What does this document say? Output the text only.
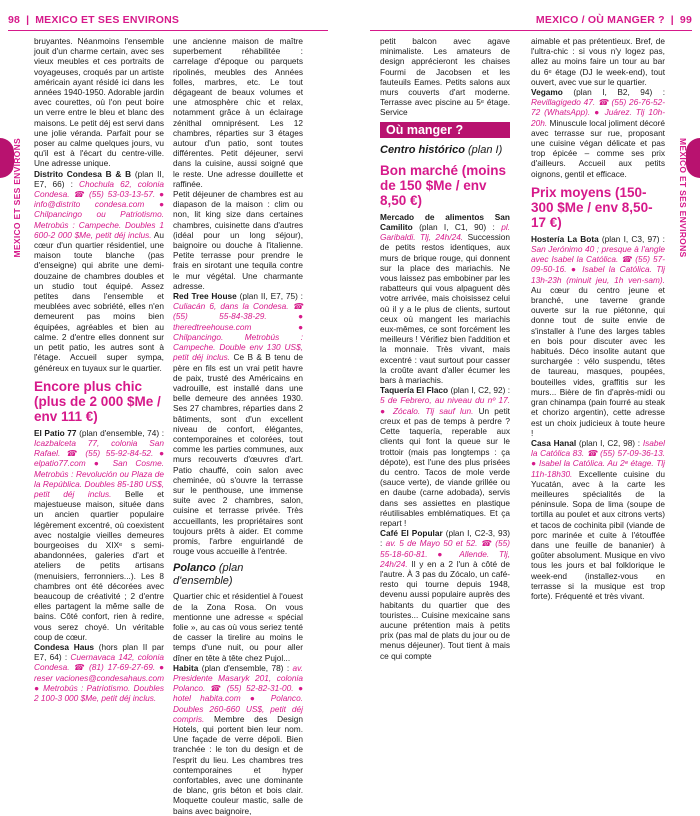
98 | MEXICO ET SES ENVIRONS	MEXICO / OÙ MANGER ? | 99
MEXICO ET SES ENVIRONS	MEXICO ET SES ENVIRONS

bruyantes. Néanmoins l'ensemble jouit d'un charme certain, avec ses vieux meubles et ces portraits de voyageuses, croqués par un artiste américain ayant résidé ici dans les années 1940-1950. Adorable jardin avec courettes, où l'on peut boire un verre entre le bleu et blanc des maisons. Le petit déj est servi dans une jolie véranda. Parfait pour se poser au calme quelques jours, vu qu'il est à l'écart du centre-ville. Une adresse unique.

Distrito Condesa B & B (plan II, E7, 66) : Chochula 62, colonia Condesa. ☎ (55) 53-03-13-57. ● info@distrito condesa.com ● Chilpancingo ou Patriotismo. Metrobús : Campeche. Doubles 1 600-2 000 $Me, petit déj inclus. Au cœur d'un quartier résidentiel, une maison toute blanche (pas d'enseigne) qui abrite une demi-douzaine de chambres doubles et un studio tout équipé. Assez petites dans l'ensemble et meublées avec sobriété, elles n'en demeurent pas moins bien équipées, agréables et bien au calme. 2 d'entre elles donnent sur un petit patio, les autres sont à l'étage. Accueil super sympa, généreux en tuyaux sur le quartier.

Encore plus chic (plus de 2 000 $Me / env 111 €)

El Patio 77 (plan d'ensemble, 74) : Icazbalceta 77, colonia San Rafael. ☎ (55) 55-92-84-52. ● elpatio77.com ● San Cosme. Metrobús : Revolución ou Plaza de la República. Doubles 85-180 US$, petit déj inclus. Belle et majestueuse maison, située dans un ancien quartier populaire légèrement excentré, où coexistent avec nostalgie vieilles demeures bourgeoises du XIXᵉ s semi-abandonnées, galeries d'art et ateliers de petits artisans (menuisiers, ferronniers...). Les 8 chambres ont été décorées avec beaucoup de créativité ; 2 d'entre elles partagent la même salle de bains. Côté confort, rien à redire, vous serez choyé. Un véritable coup de cœur.

Condesa Haus (hors plan II par E7, 64) : Cuernavaca 142, colonia Condesa. ☎ (81) 17-69-27-69. ● reser vaciones@condesahaus.com ● Metrobús : Patriotismo. Doubles 2 100-3 000 $Me, petit déj inclus.

une ancienne maison de maître superbement réhabilitée : carrelage d'époque ou parquets ripolinés, meubles des Années folles, marbres, etc. Le tout dégageant de beaux volumes et une atmosphère chic et relax, notamment grâce à un éclairage zénithal omniprésent. Les 12 chambres, réparties sur 3 étages autour d'un patio, sont toutes différentes. Petit déjeuner, servi dans la cuisine, aussi soigné que le reste. Une adresse douillette et raffinée.

Petit déjeuner de chambres est au diapason de la maison : clim ou non, lit king size dans certaines chambres, cuisinette dans d'autres (idéal pour un long séjour), baignoire ou douche à l'italienne. Petite terrasse pour prendre le frais en sirotant une tequila contre le mur végétal. Une charmante adresse.

Red Tree House (plan II, E7, 75) : Culiacán 6, dans la Condesa. ☎ (55) 55-84-38-29. ● theredtreehouse.com ● Chilpancingo. Metrobús : Campeche. Double env 130 US$, petit déj inclus. Ce B & B tenu de père en fils est un vrai petit havre de paix, trusté des Américains en vadrouille, est installé dans une belle demeure des années 1930. Ses 27 chambres, réparties dans 2 bâtiments, sont d'un excellent niveau de confort, élégantes, contemporaines et colorées, tout comme les parties communes, aux murs recouverts d'œuvres d'art. Patio chauffé, coin salon avec cheminée, où s'ouvre la terrasse sur le penthouse, une immense suite avec 2 chambres, salon, cuisine et terrasse privée. Très accueillants, les propriétaires sont toujours prêts à aider. Et comme promis, l'arbre enguirlandé de rouge vous accueille à l'entrée.

Polanco (plan d'ensemble)

Quartier chic et résidentiel à l'ouest de la Zona Rosa. On vous mentionne une adresse « spécial folie », au cas où vous seriez tenté de casser la tirelire au moins le temps d'une nuit, ou pour aller dîner en tête à tête chez Pujol...

Habita (plan d'ensemble, 78) : av. Presidente Masaryk 201, colonia Polanco. ☎ (55) 52-82-31-00. ● hotel habita.com ● Polanco. Doubles 260-660 US$, petit déj compris. Membre des Design Hotels, qui portent bien leur nom. Une façade de verre dépoli. Bien tranchée : le ton du design et de l'esprit du lieu. Les chambres tres contemporaines et hyper confortables, avec une dominante de blanc, gris béton et bois clair. Moquette couleur mastic, salle de bains avec baignoire,

petit balcon avec agave minimaliste. Les amateurs de design apprécieront les chaises Fourmi de Jacobsen et les fauteuils Eames. Petits salons aux murs couverts d'art moderne. Terrasse avec piscine au 5ᵉ étage. Service

Où manger ?
Centro histórico (plan I)
Bon marché (moins de 150 $Me / env 8,50 €)

Mercado de alimentos San Camilito (plan I, C1, 90) : pl. Garibaldi. Tlj, 24h/24. Succession de petits restos identiques, aux murs de brique rouge, qui donnent sur la place des mariachis. Ne vous laissez pas embobiner par les rabatteurs qui vous alpaguent dès votre arrivée, mais choisissez celui où il y a le plus de clients, surtout ceux où mangent les mariachis eux-mêmes, ce sont forcément les meilleurs ! Vérifiez bien l'addition et la monnaie. Très vivant, mais excentré : vaut surtout pour casser la croûte avant d'aller écumer les bars à mariachis.

Taquería El Flaco (plan I, C2, 92) : 5 de Febrero, au niveau du nº 17. ● Zócalo. Tlj sauf lun. Un petit creux et pas de temps à perdre ? Cette taquería, reperable aux clients qui font la queue sur le trottoir (mais pas longtemps : ça dépote), est l'une des plus prisées du centro. Tacos de mole verde (sauce verte), de viande grillée ou en daube (carne adobada), servis dans ses assiettes en plastique réutilisables emblématiques. Et ça repart !

Café El Popular (plan I, C2-3, 93) : av. 5 de Mayo 50 et 52. ☎ (55) 55-18-60-81. ● Allende. Tlj, 24h/24. Il y en a 2 l'un à côté de l'autre. À 3 pas du Zócalo, un café-resto qui tourne depuis 1948, devenu aussi populaire auprès des habitants du quartier que des touristes... Cuisine mexicaine sans aucune prétention mais à petits prix (pas mal de plats du jour ou de menus déjeuner). Tout tient à mais ce qui compte

aimable et pas prétentieux. Bref, de l'ultra-chic : si vous n'y logez pas, allez au moins faire un tour au bar du 6ᵉ étage (DJ le week-end), tout ouvert, avec vue sur le quartier.

Vegamo (plan I, B2, 94) : Revillagigedo 47. ☎ (55) 26-76-52-72 (WhatsApp). ● Juárez. Tlj 10h-20h. Minuscule local joliment décoré avec terrasse sur rue, proposant une cuisine végan délicate et pas trop épicée – comme ses prix d'ailleurs. Accueil aux petits oignons, gentil et efficace.

Prix moyens (150-300 $Me / env 8,50-17 €)

Hostería La Bota (plan I, C3, 97) : San Jerónimo 40 ; presque à l'angle avec Isabel la Católica. ☎ (55) 57-09-50-16. ● Isabel la Católica. Tlj 13h-23h (minuit jeu, 1h ven-sam). Au cœur du centro jeune et branché, une taverne grande ouverte sur la rue piétonne, qui donne tout de suite envie de s'installer à l'une des larges tables en bois pour discuter avec les habitués. Déco insolite autant que surchargée : vélo suspendu, têtes de taureau, masques, poupées, bouteilles vides, graffitis sur les murs... Bière de fin d'après-midi ou gran chinampa (pain fourré au steak et chorizo argentin), cette adresse est un choix judicieux à toute heure !

Casa Hanal (plan I, C2, 98) : Isabel la Católica 83. ☎ (55) 57-09-36-13. ● Isabel la Católica. Au 2ᵉ étage. Tlj 11h-18h30. Excellente cuisine du Yucatán, avec à la carte les meilleures spécialités de la péninsule. Sopa de lima (soupe de tortilla au poulet et aux citrons verts) et tacos de cochinita pibil (viande de porc marinée et cuite à l'étouffée dans une feuille de bananier) à goûter absolument. Musique en vivo tous les jours et bal folklorique le week-end (installez-vous en terrasse si la musique est trop forte). Fréquenté et très vivant.
